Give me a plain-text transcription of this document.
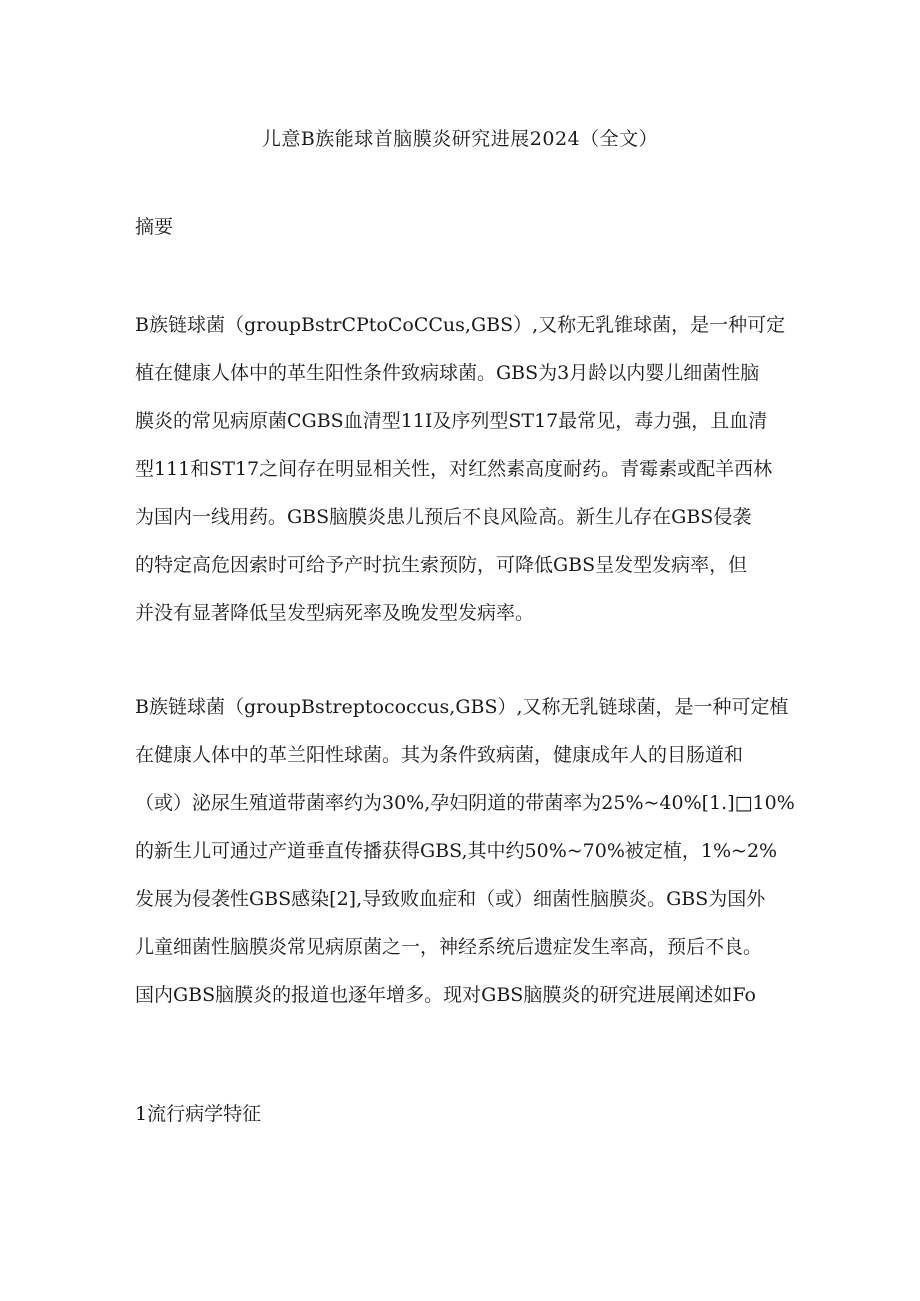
儿意B族能球首脑膜炎研究进展2024（全文）
摘要
B族链球菌（groupBstrCPtoCoCCus,GBS）,又称无乳锥球菌，是一种可定
植在健康人体中的革生阳性条件致病球菌。GBS为3月龄以内婴儿细菌性脑
膜炎的常见病原菌CGBS血清型11I及序列型ST17最常见，毒力强，且血清
型111和ST17之间存在明显相关性，对红然素高度耐药。青霉素或配羊西林
为国内一线用药。GBS脑膜炎患儿预后不良风险高。新生儿存在GBS侵袭
的特定高危因索时可给予产时抗生索预防，可降低GBS呈发型发病率，但
并没有显著降低呈发型病死率及晚发型发病率。
B族链球菌（groupBstreptococcus,GBS）,又称无乳链球菌，是一种可定植
在健康人体中的革兰阳性球菌。其为条件致病菌，健康成年人的目肠道和
（或）泌尿生殖道带菌率约为30%,孕妇阴道的带菌率为25%~40%[1.]□10%
的新生儿可通过产道垂直传播获得GBS,其中约50%~70%被定植，1%~2%
发展为侵袭性GBS感染[2],导致败血症和（或）细菌性脑膜炎。GBS为国外
儿童细菌性脑膜炎常见病原菌之一，神经系统后遗症发生率高，预后不良。
国内GBS脑膜炎的报道也逐年增多。现对GBS脑膜炎的研究进展阐述如Fo
1流行病学特征
